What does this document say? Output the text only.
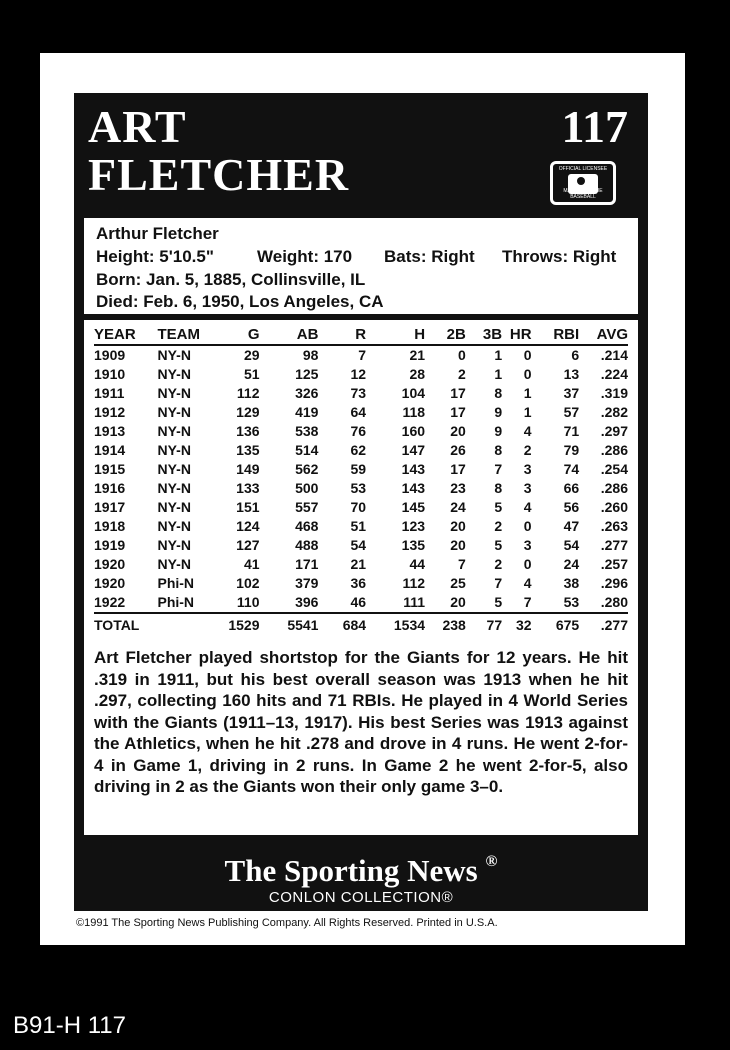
ART
FLETCHER
117
OFFICIAL LICENSEE
MAJOR LEAGUE BASEBALL
Arthur Fletcher
Height: 5'10.5"	Weight: 170 Bats: Right Throws: Right
Born: Jan. 5, 1885, Collinsville, IL
Died: Feb. 6, 1950, Los Angeles, CA
YEAR	TEAM	G	AB	R	H	2B	3B	HR	RBI	AVG
1909	NY-N	29	98	7	21	0	1	0	6	.214
1910	NY-N	51	125	12	28	2	1	0	13	.224
1911	NY-N	112	326	73	104	17	8	1	37	.319
1912	NY-N	129	419	64	118	17	9	1	57	.282
1913	NY-N	136	538	76	160	20	9	4	71	.297
1914	NY-N	135	514	62	147	26	8	2	79	.286
1915	NY-N	149	562	59	143	17	7	3	74	.254
1916	NY-N	133	500	53	143	23	8	3	66	.286
1917	NY-N	151	557	70	145	24	5	4	56	.260
1918	NY-N	124	468	51	123	20	2	0	47	.263
1919	NY-N	127	488	54	135	20	5	3	54	.277
1920	NY-N	41	171	21	44	7	2	0	24	.257
1920	Phi-N	102	379	36	112	25	7	4	38	.296
1922	Phi-N	110	396	46	111	20	5	7	53	.280
TOTAL		1529	5541	684	1534	238	77	32	675	.277
Art Fletcher played shortstop for the Giants for 12 years. He hit .319 in 1911, but his best overall season was 1913 when he hit .297, collecting 160 hits and 71 RBIs. He played in 4 World Series with the Giants (1911–13, 1917). His best Series was 1913 against the Athletics, when he hit .278 and drove in 4 runs. He went 2-for-4 in Game 1, driving in 2 runs. In Game 2 he went 2-for-5, also driving in 2 as the Giants won their only game 3–0.
The Sporting News ®
CONLON COLLECTION®
©1991 The Sporting News Publishing Company. All Rights Reserved. Printed in U.S.A.
B91-H 117
